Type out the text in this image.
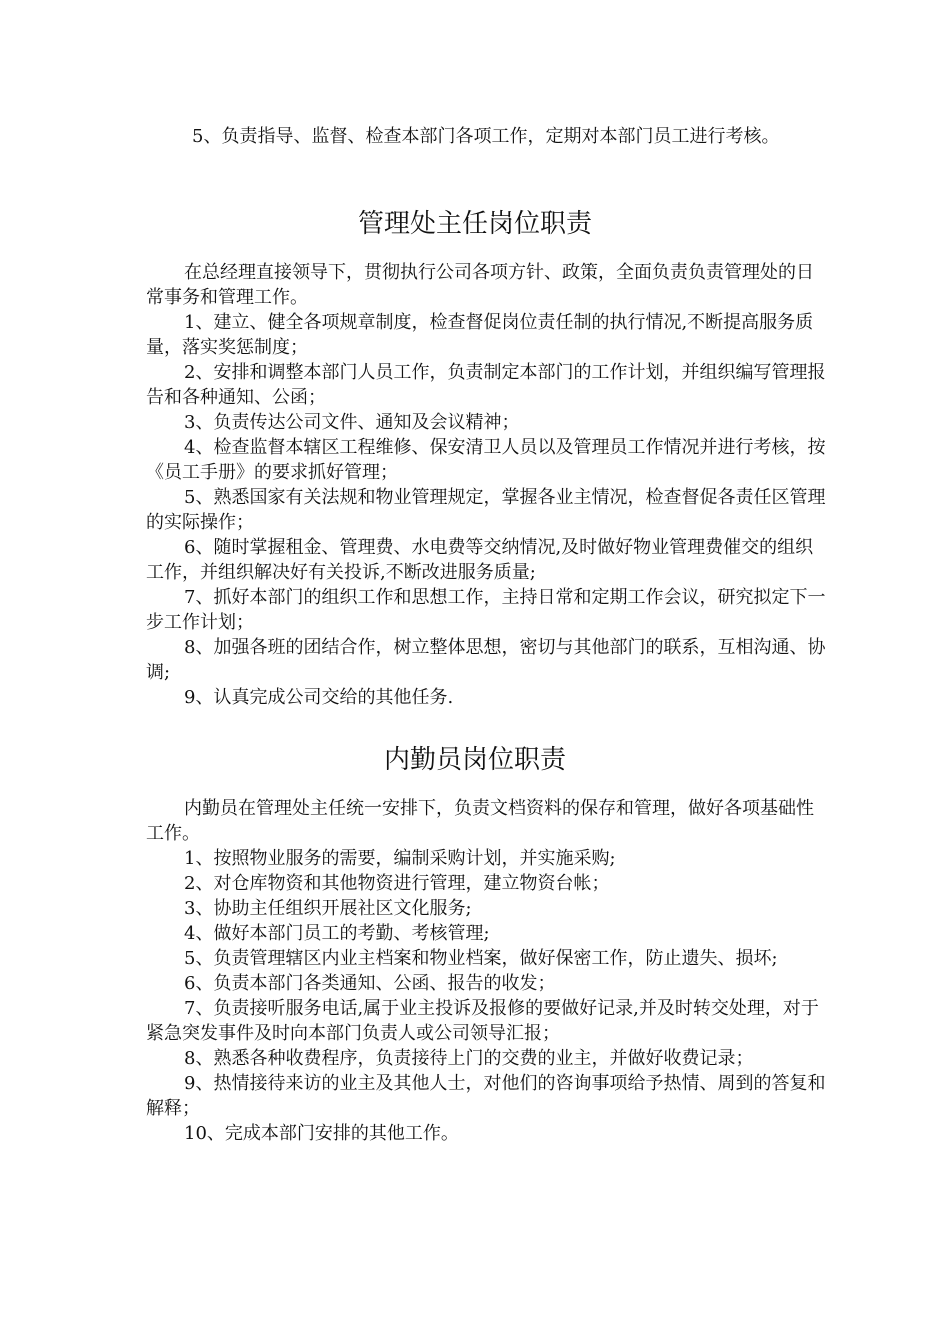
5、负责指导、监督、检查本部门各项工作，定期对本部门员工进行考核。

管理处主任岗位职责

在总经理直接领导下，贯彻执行公司各项方针、政策，全面负责负责管理处的日常事务和管理工作。

1、建立、健全各项规章制度，检查督促岗位责任制的执行情况,不断提高服务质量，落实奖惩制度；

2、安排和调整本部门人员工作，负责制定本部门的工作计划，并组织编写管理报告和各种通知、公函；

3、负责传达公司文件、通知及会议精神；

4、检查监督本辖区工程维修、保安清卫人员以及管理员工作情况并进行考核，按《员工手册》的要求抓好管理；

5、熟悉国家有关法规和物业管理规定，掌握各业主情况，检查督促各责任区管理的实际操作；

6、随时掌握租金、管理费、水电费等交纳情况,及时做好物业管理费催交的组织工作，并组织解决好有关投诉,不断改进服务质量;

7、抓好本部门的组织工作和思想工作，主持日常和定期工作会议，研究拟定下一步工作计划；

8、加强各班的团结合作，树立整体思想，密切与其他部门的联系，互相沟通、协调;

9、认真完成公司交给的其他任务.

内勤员岗位职责

内勤员在管理处主任统一安排下，负责文档资料的保存和管理，做好各项基础性工作。

1、按照物业服务的需要，编制采购计划，并实施采购;

2、对仓库物资和其他物资进行管理，建立物资台帐；

3、协助主任组织开展社区文化服务;

4、做好本部门员工的考勤、考核管理;

5、负责管理辖区内业主档案和物业档案，做好保密工作，防止遗失、损坏;

6、负责本部门各类通知、公函、报告的收发；

7、负责接听服务电话,属于业主投诉及报修的要做好记录,并及时转交处理，对于紧急突发事件及时向本部门负责人或公司领导汇报；

8、熟悉各种收费程序，负责接待上门的交费的业主，并做好收费记录；

9、热情接待来访的业主及其他人士，对他们的咨询事项给予热情、周到的答复和解释；

10、完成本部门安排的其他工作。
